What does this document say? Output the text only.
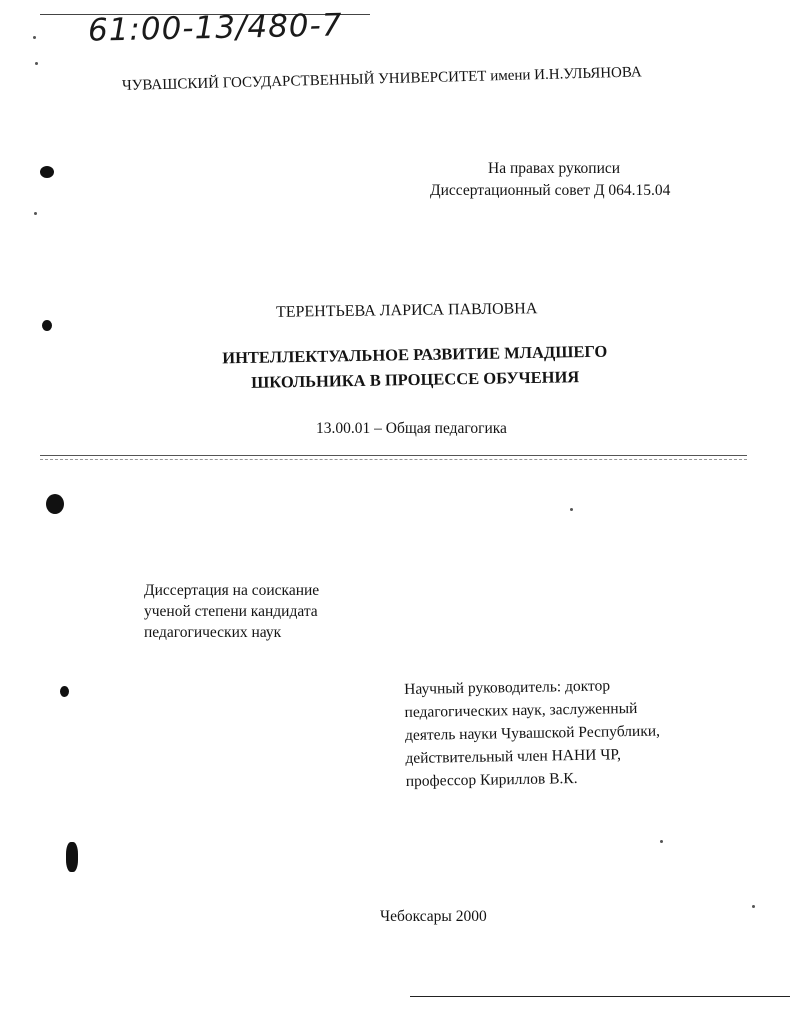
61:00-13/480-7
ЧУВАШСКИЙ ГОСУДАРСТВЕННЫЙ УНИВЕРСИТЕТ имени И.Н.УЛЬЯНОВА
На правах рукописи
Диссертационный совет Д 064.15.04
ТЕРЕНТЬЕВА ЛАРИСА ПАВЛОВНА
ИНТЕЛЛЕКТУАЛЬНОЕ РАЗВИТИЕ МЛАДШЕГО
ШКОЛЬНИКА В ПРОЦЕССЕ ОБУЧЕНИЯ
13.00.01 – Общая педагогика
Диссертация на соискание
ученой степени кандидата
педагогических наук
Научный руководитель: доктор
педагогических наук, заслуженный
деятель науки Чувашской Республики,
действительный член НАНИ ЧР,
профессор Кириллов В.К.
Чебоксары 2000
